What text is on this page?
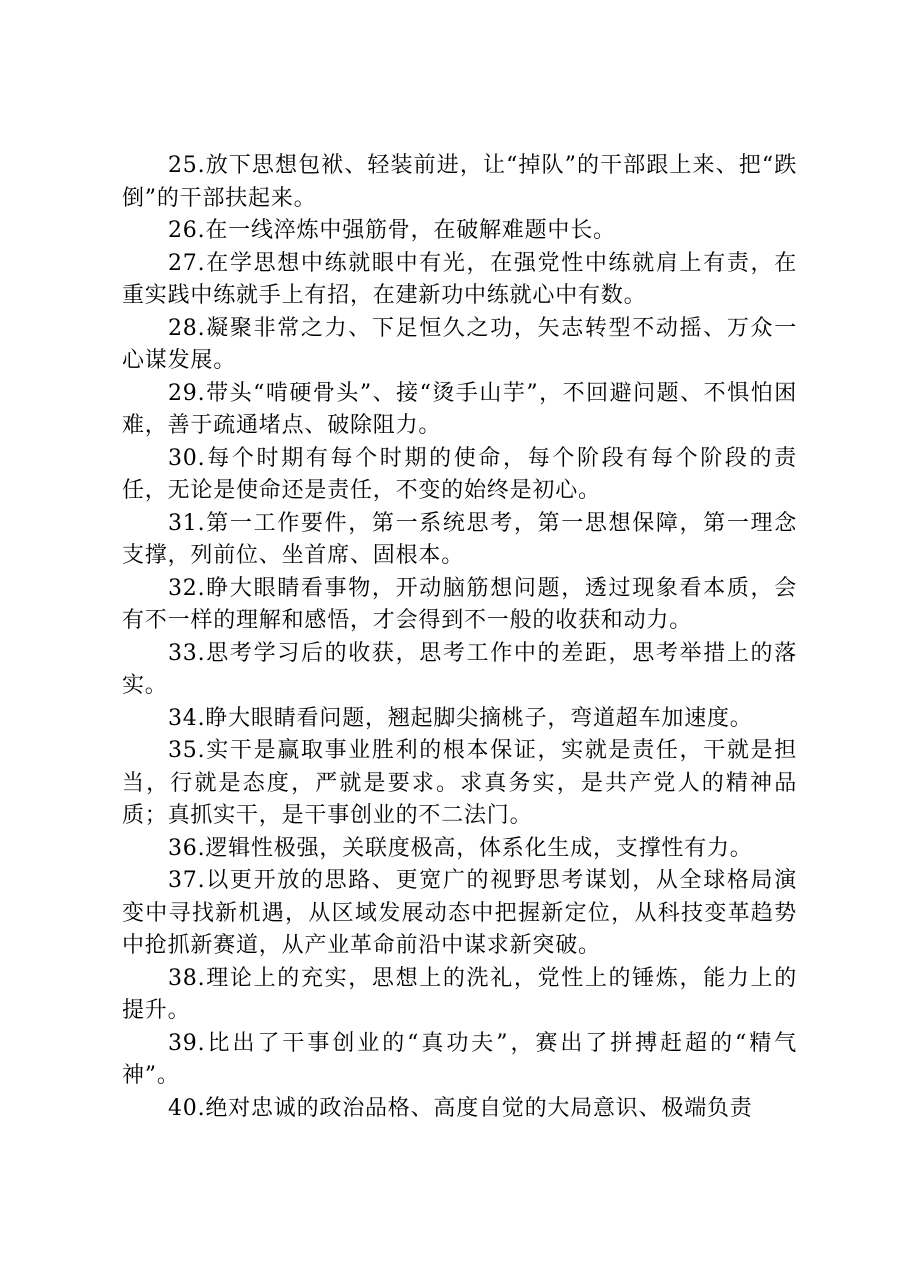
25.放下思想包袱、轻装前进，让“掉队”的干部跟上来、把“跌倒”的干部扶起来。

26.在一线淬炼中强筋骨，在破解难题中长。

27.在学思想中练就眼中有光，在强党性中练就肩上有责，在重实践中练就手上有招，在建新功中练就心中有数。

28.凝聚非常之力、下足恒久之功，矢志转型不动摇、万众一心谋发展。

29.带头“啃硬骨头”、接“烫手山芋”，不回避问题、不惧怕困难，善于疏通堵点、破除阻力。

30.每个时期有每个时期的使命，每个阶段有每个阶段的责任，无论是使命还是责任，不变的始终是初心。

31.第一工作要件，第一系统思考，第一思想保障，第一理念支撑，列前位、坐首席、固根本。

32.睁大眼睛看事物，开动脑筋想问题，透过现象看本质，会有不一样的理解和感悟，才会得到不一般的收获和动力。

33.思考学习后的收获，思考工作中的差距，思考举措上的落实。

34.睁大眼睛看问题，翘起脚尖摘桃子，弯道超车加速度。

35.实干是赢取事业胜利的根本保证，实就是责任，干就是担当，行就是态度，严就是要求。求真务实，是共产党人的精神品质；真抓实干，是干事创业的不二法门。

36.逻辑性极强，关联度极高，体系化生成，支撑性有力。

37.以更开放的思路、更宽广的视野思考谋划，从全球格局演变中寻找新机遇，从区域发展动态中把握新定位，从科技变革趋势中抢抓新赛道，从产业革命前沿中谋求新突破。

38.理论上的充实，思想上的洗礼，党性上的锤炼，能力上的提升。

39.比出了干事创业的“真功夫”，赛出了拼搏赶超的“精气神”。

40.绝对忠诚的政治品格、高度自觉的大局意识、极端负责
